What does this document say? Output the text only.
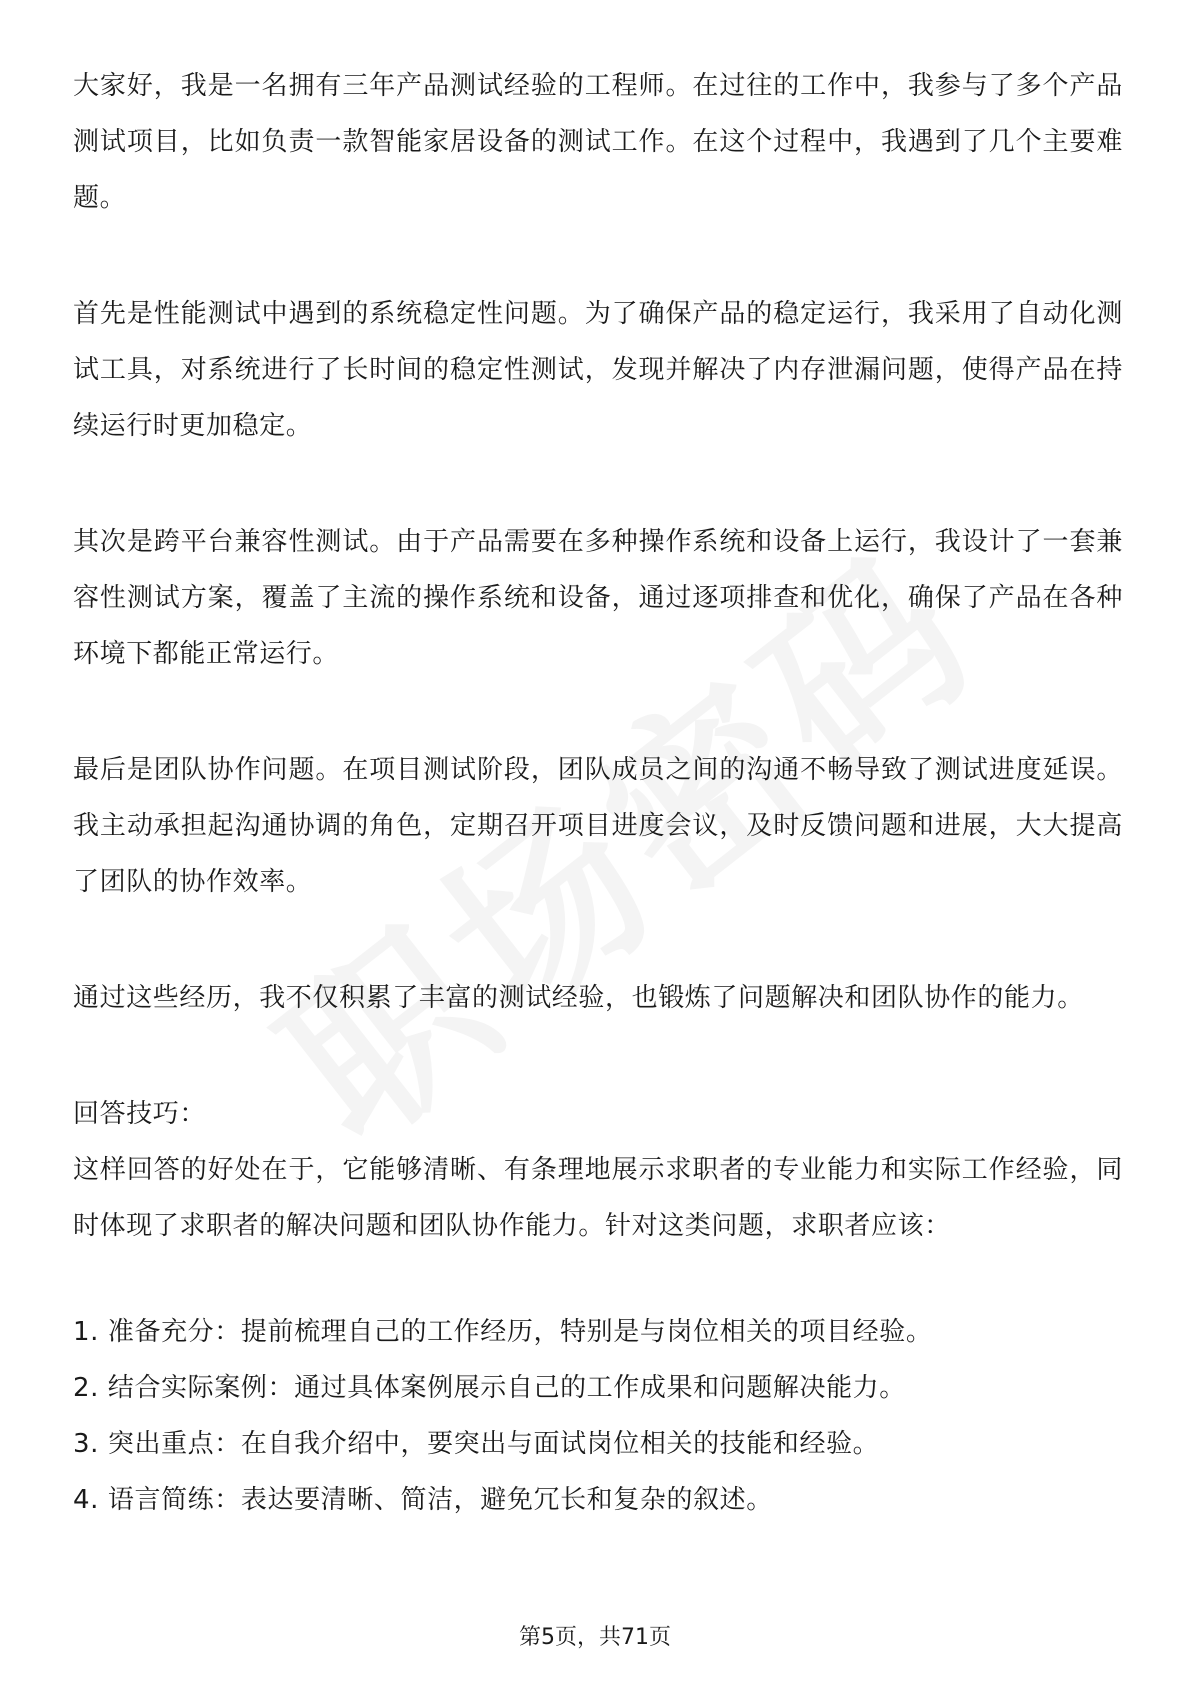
大家好，我是一名拥有三年产品测试经验的工程师。在过往的工作中，我参与了多个产品测试项目，比如负责一款智能家居设备的测试工作。在这个过程中，我遇到了几个主要难题。

首先是性能测试中遇到的系统稳定性问题。为了确保产品的稳定运行，我采用了自动化测试工具，对系统进行了长时间的稳定性测试，发现并解决了内存泄漏问题，使得产品在持续运行时更加稳定。

其次是跨平台兼容性测试。由于产品需要在多种操作系统和设备上运行，我设计了一套兼容性测试方案，覆盖了主流的操作系统和设备，通过逐项排查和优化，确保了产品在各种环境下都能正常运行。

最后是团队协作问题。在项目测试阶段，团队成员之间的沟通不畅导致了测试进度延误。我主动承担起沟通协调的角色，定期召开项目进度会议，及时反馈问题和进展，大大提高了团队的协作效率。

通过这些经历，我不仅积累了丰富的测试经验，也锻炼了问题解决和团队协作的能力。

回答技巧：

这样回答的好处在于，它能够清晰、有条理地展示求职者的专业能力和实际工作经验，同时体现了求职者的解决问题和团队协作能力。针对这类问题，求职者应该：

1. 准备充分：提前梳理自己的工作经历，特别是与岗位相关的项目经验。
2. 结合实际案例：通过具体案例展示自己的工作成果和问题解决能力。
3. 突出重点：在自我介绍中，要突出与面试岗位相关的技能和经验。
4. 语言简练：表达要清晰、简洁，避免冗长和复杂的叙述。
第5页，共71页
